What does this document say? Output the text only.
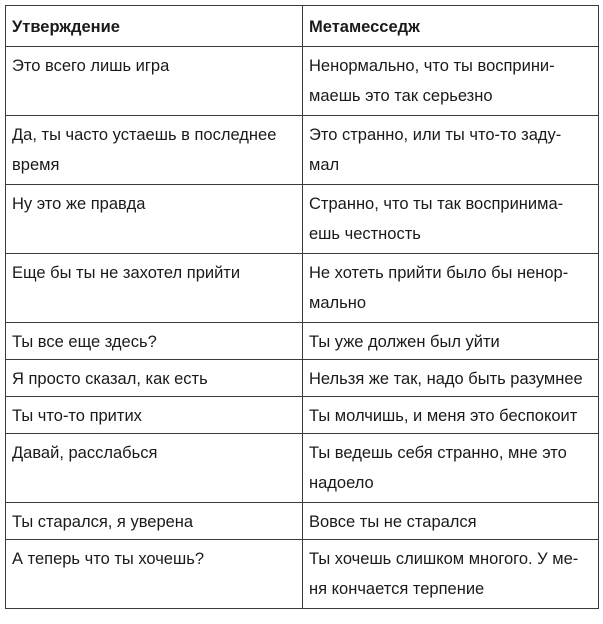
Утверждение	Метамесседж
Это всего лишь игра	Ненормально, что ты восприни-
маешь это так серьезно
Да, ты часто устаешь в последнее
время	Это странно, или ты что-то заду-
мал
Ну это же правда	Странно, что ты так воспринима-
ешь честность
Еще бы ты не захотел прийти	Не хотеть прийти было бы ненор-
мально
Ты все еще здесь?	Ты уже должен был уйти
Я просто сказал, как есть	Нельзя же так, надо быть разумнее
Ты что-то притих	Ты молчишь, и меня это беспокоит
Давай, расслабься	Ты ведешь себя странно, мне это
надоело
Ты старался, я уверена	Вовсе ты не старался
А теперь что ты хочешь?	Ты хочешь слишком многого. У ме-
ня кончается терпение
